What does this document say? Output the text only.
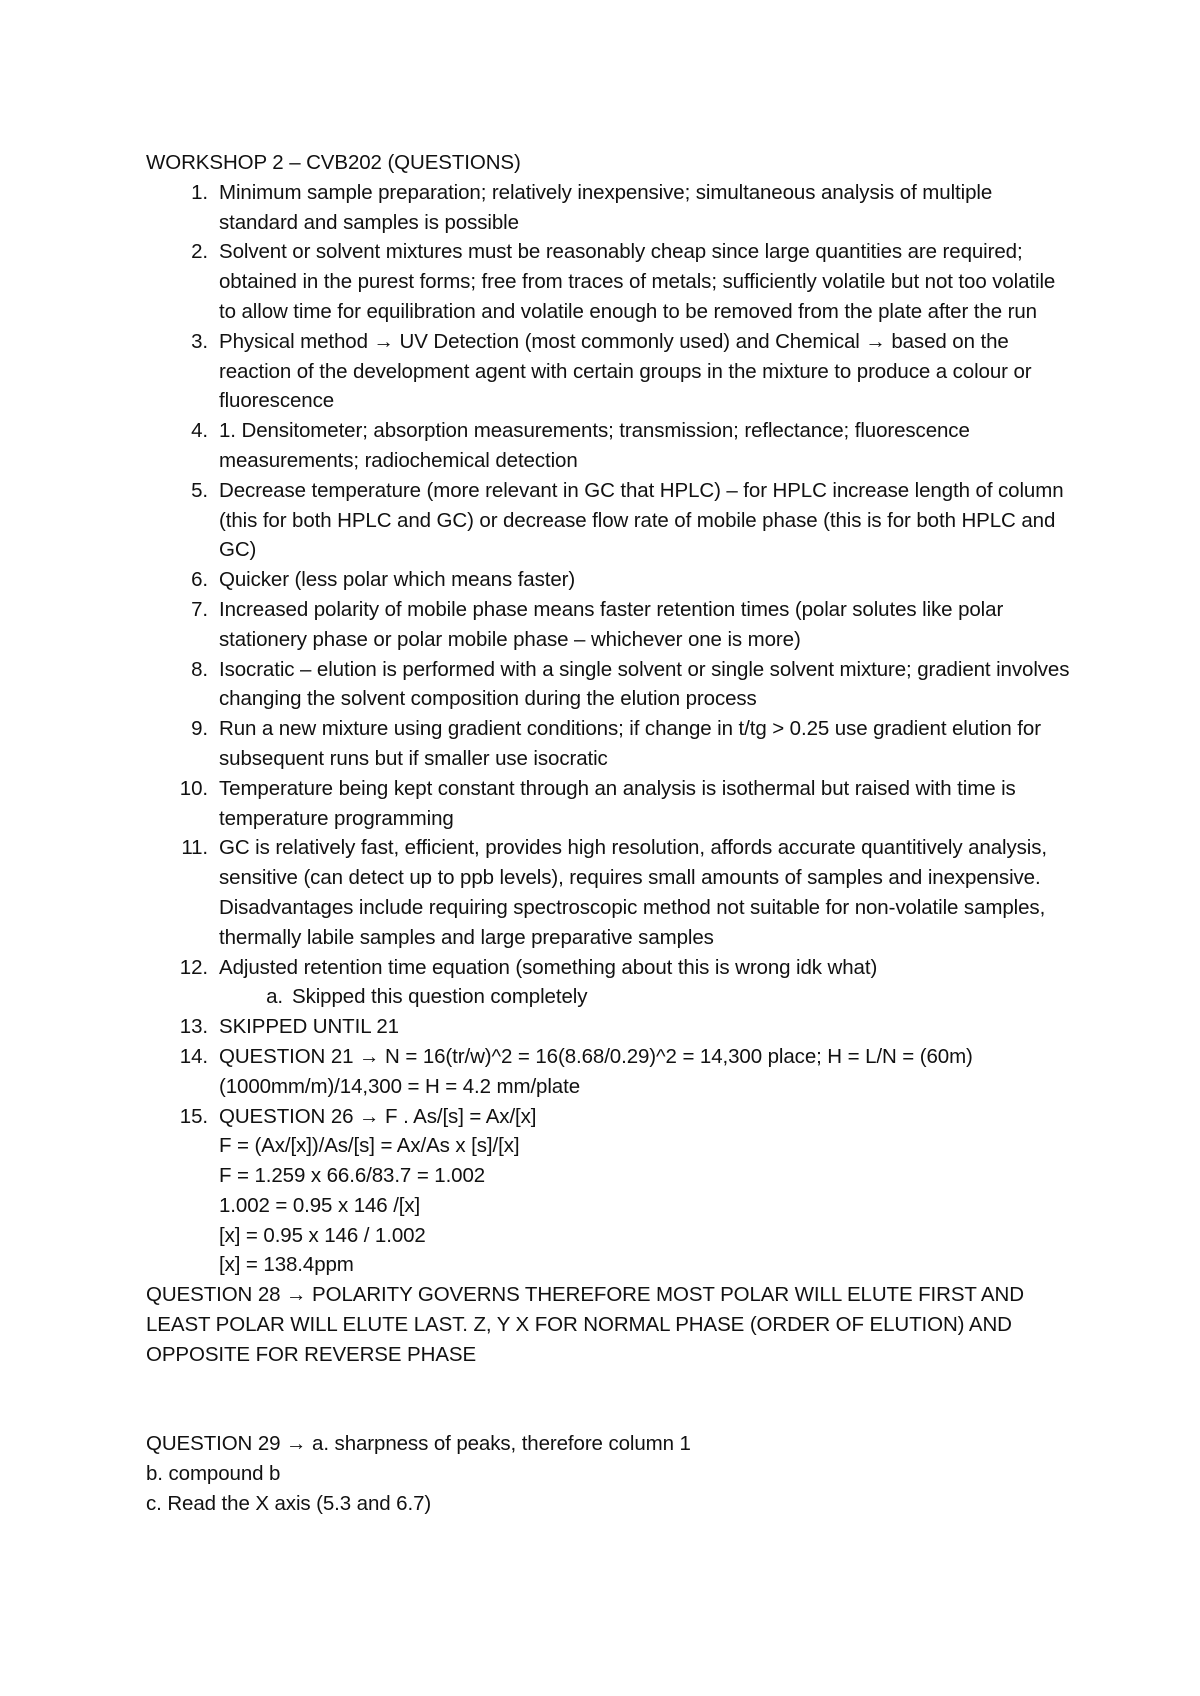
WORKSHOP 2 – CVB202 (QUESTIONS)
1. Minimum sample preparation; relatively inexpensive; simultaneous analysis of multiple standard and samples is possible
2. Solvent or solvent mixtures must be reasonably cheap since large quantities are required; obtained in the purest forms; free from traces of metals; sufficiently volatile but not too volatile to allow time for equilibration and volatile enough to be removed from the plate after the run
3. Physical method → UV Detection (most commonly used) and Chemical → based on the reaction of the development agent with certain groups in the mixture to produce a colour or fluorescence
4. 1. Densitometer; absorption measurements; transmission; reflectance; fluorescence measurements; radiochemical detection
5. Decrease temperature (more relevant in GC that HPLC) – for HPLC increase length of column (this for both HPLC and GC) or decrease flow rate of mobile phase (this is for both HPLC and GC)
6. Quicker (less polar which means faster)
7. Increased polarity of mobile phase means faster retention times (polar solutes like polar stationery phase or polar mobile phase – whichever one is more)
8. Isocratic – elution is performed with a single solvent or single solvent mixture; gradient involves changing the solvent composition during the elution process
9. Run a new mixture using gradient conditions; if change in t/tg > 0.25 use gradient elution for subsequent runs but if smaller use isocratic
10. Temperature being kept constant through an analysis is isothermal but raised with time is temperature programming
11. GC is relatively fast, efficient, provides high resolution, affords accurate quantitively analysis, sensitive (can detect up to ppb levels), requires small amounts of samples and inexpensive. Disadvantages include requiring spectroscopic method not suitable for non-volatile samples, thermally labile samples and large preparative samples
12. Adjusted retention time equation (something about this is wrong idk what)
a. Skipped this question completely
13. SKIPPED UNTIL 21
14. QUESTION 21 → N = 16(tr/w)^2 = 16(8.68/0.29)^2 = 14,300 place; H = L/N = (60m) (1000mm/m)/14,300 = H = 4.2 mm/plate
15. QUESTION 26 → F . As/[s] = Ax/[x]
F = (Ax/[x])/As/[s] = Ax/As x [s]/[x]
F = 1.259 x 66.6/83.7 = 1.002
1.002 = 0.95 x 146 /[x]
[x] = 0.95 x 146 / 1.002
[x] = 138.4ppm

QUESTION 28 → POLARITY GOVERNS THEREFORE MOST POLAR WILL ELUTE FIRST AND LEAST POLAR WILL ELUTE LAST. Z, Y X FOR NORMAL PHASE (ORDER OF ELUTION) AND OPPOSITE FOR REVERSE PHASE

QUESTION 29 → a. sharpness of peaks, therefore column 1

b. compound b

c. Read the X axis (5.3 and 6.7)
